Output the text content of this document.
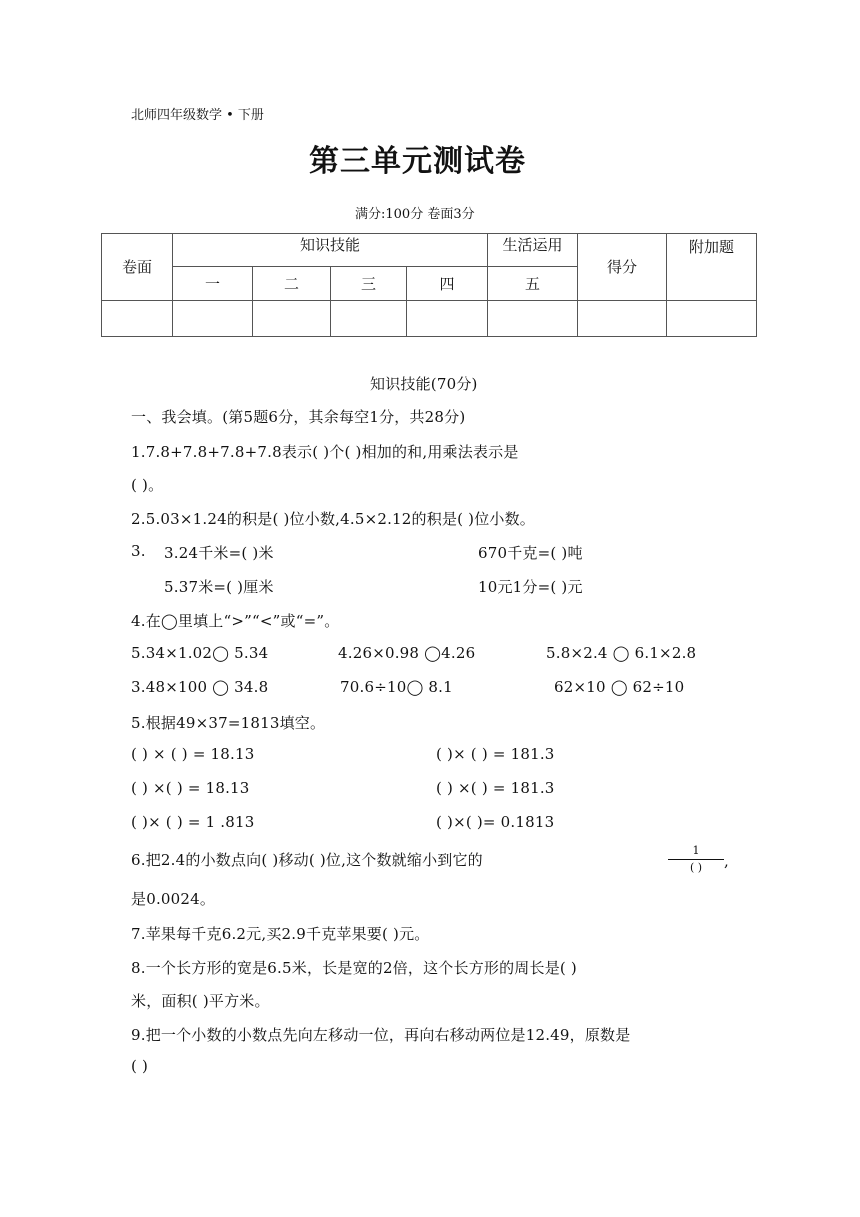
北师四年级数学 • 下册
第三单元测试卷
满分:100分 卷面3分
卷面	知识技能				生活运用	得分	附加题
	一	二	三	四	五		

知识技能(70分)
一、我会填。(第5题6分，其余每空1分，共28分)
1.7.8+7.8+7.8+7.8表示( )个( )相加的和,用乘法表示是
( )。
2.5.03×1.24的积是( )位小数,4.5×2.12的积是( )位小数。
3. 3.24千米=( )米	670千克=( )吨
5.37米=( )厘米	10元1分=( )元
4.在◯里填上“>”“<”或“=”。
5.34×1.02◯ 5.34	4.26×0.98 ◯4.26	5.8×2.4 ◯ 6.1×2.8
3.48×100 ◯ 34.8	70.6÷10◯ 8.1	62×10 ◯ 62÷10
5.根据49×37=1813填空。
( ) × ( ) = 18.13	( )× ( ) = 181.3
( ) ×( ) = 18.13	( ) ×( ) = 181.3
( )× ( ) = 1 .813	( )×( )= 0.1813
6.把2.4的小数点向( )移动( )位,这个数就缩小到它的
1
( )	,
是0.0024。
7.苹果每千克6.2元,买2.9千克苹果要( )元。
8.一个长方形的宽是6.5米，长是宽的2倍，这个长方形的周长是( )
米，面积( )平方米。
9.把一个小数的小数点先向左移动一位，再向右移动两位是12.49，原数是
( )
